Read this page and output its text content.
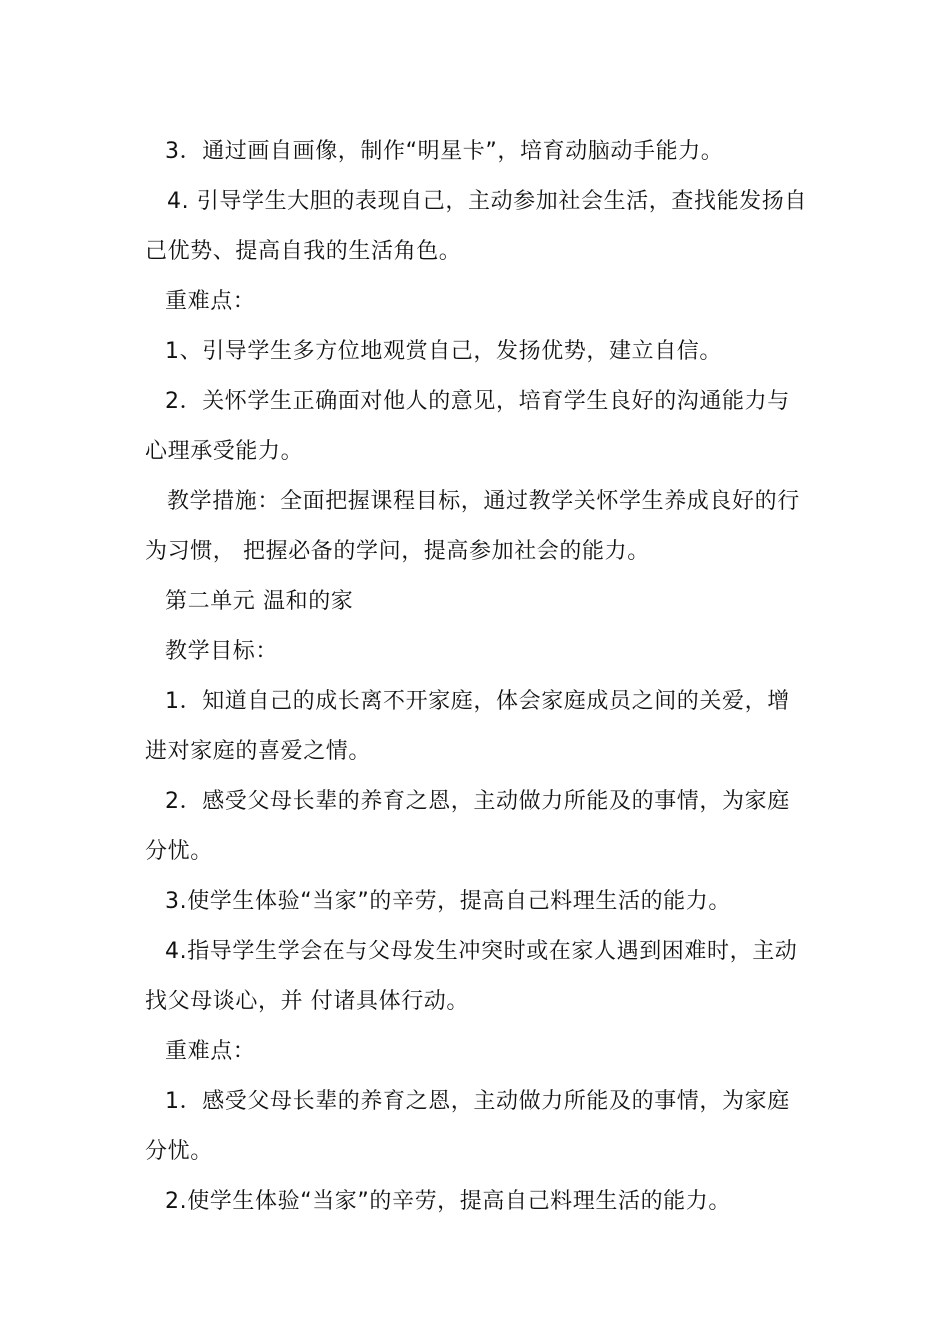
3．通过画自画像，制作“明星卡”，培育动脑动手能力。

4. 引导学生大胆的表现自己，主动参加社会生活，查找能发扬自己优势、提高自我的生活角色。

重难点：

1、引导学生多方位地观赏自己，发扬优势，建立自信。

2．关怀学生正确面对他人的意见，培育学生良好的沟通能力与心理承受能力。

教学措施：全面把握课程目标，通过教学关怀学生养成良好的行为习惯， 把握必备的学问，提高参加社会的能力。

第二单元 温和的家

教学目标：

1．知道自己的成长离不开家庭，体会家庭成员之间的关爱，增进对家庭的喜爱之情。

2．感受父母长辈的养育之恩，主动做力所能及的事情，为家庭分忧。

3.使学生体验“当家”的辛劳，提高自己料理生活的能力。

4.指导学生学会在与父母发生冲突时或在家人遇到困难时，主动找父母谈心，并 付诸具体行动。

重难点：

1．感受父母长辈的养育之恩，主动做力所能及的事情，为家庭分忧。

2.使学生体验“当家”的辛劳，提高自己料理生活的能力。
